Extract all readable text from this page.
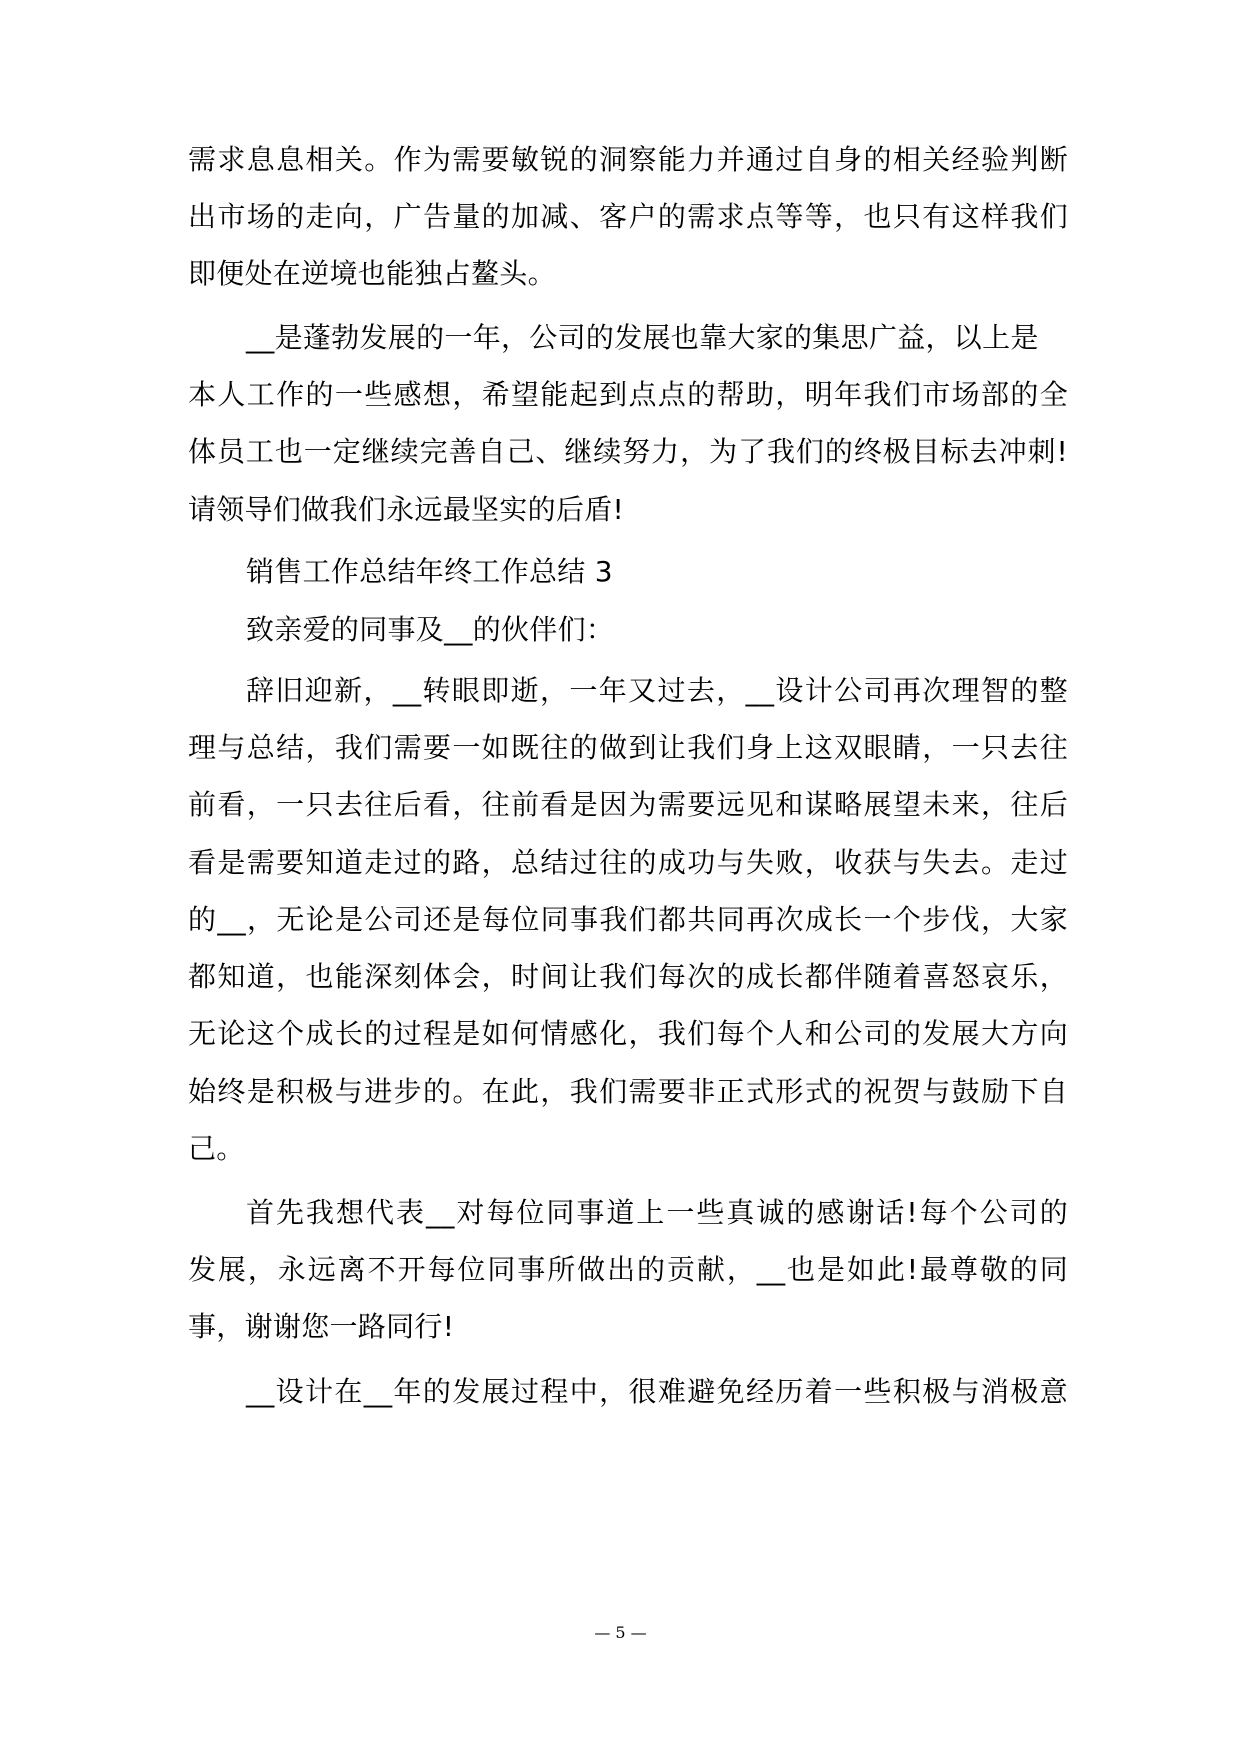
需求息息相关。作为需要敏锐的洞察能力并通过自身的相关经验判断
出市场的走向，广告量的加减、客户的需求点等等，也只有这样我们
即便处在逆境也能独占鳌头。
__是蓬勃发展的一年，公司的发展也靠大家的集思广益，以上是
本人工作的一些感想，希望能起到点点的帮助，明年我们市场部的全
体员工也一定继续完善自己、继续努力，为了我们的终极目标去冲刺!
请领导们做我们永远最坚实的后盾!
销售工作总结年终工作总结 3
致亲爱的同事及__的伙伴们：
辞旧迎新，__转眼即逝，一年又过去，__设计公司再次理智的整
理与总结，我们需要一如既往的做到让我们身上这双眼睛，一只去往
前看，一只去往后看，往前看是因为需要远见和谋略展望未来，往后
看是需要知道走过的路，总结过往的成功与失败，收获与失去。走过
的__，无论是公司还是每位同事我们都共同再次成长一个步伐，大家
都知道，也能深刻体会，时间让我们每次的成长都伴随着喜怒哀乐，
无论这个成长的过程是如何情感化，我们每个人和公司的发展大方向
始终是积极与进步的。在此，我们需要非正式形式的祝贺与鼓励下自
己。
首先我想代表__对每位同事道上一些真诚的感谢话!每个公司的
发展，永远离不开每位同事所做出的贡献，__也是如此!最尊敬的同
事，谢谢您一路同行!
__设计在__年的发展过程中，很难避免经历着一些积极与消极意
— 5 —
